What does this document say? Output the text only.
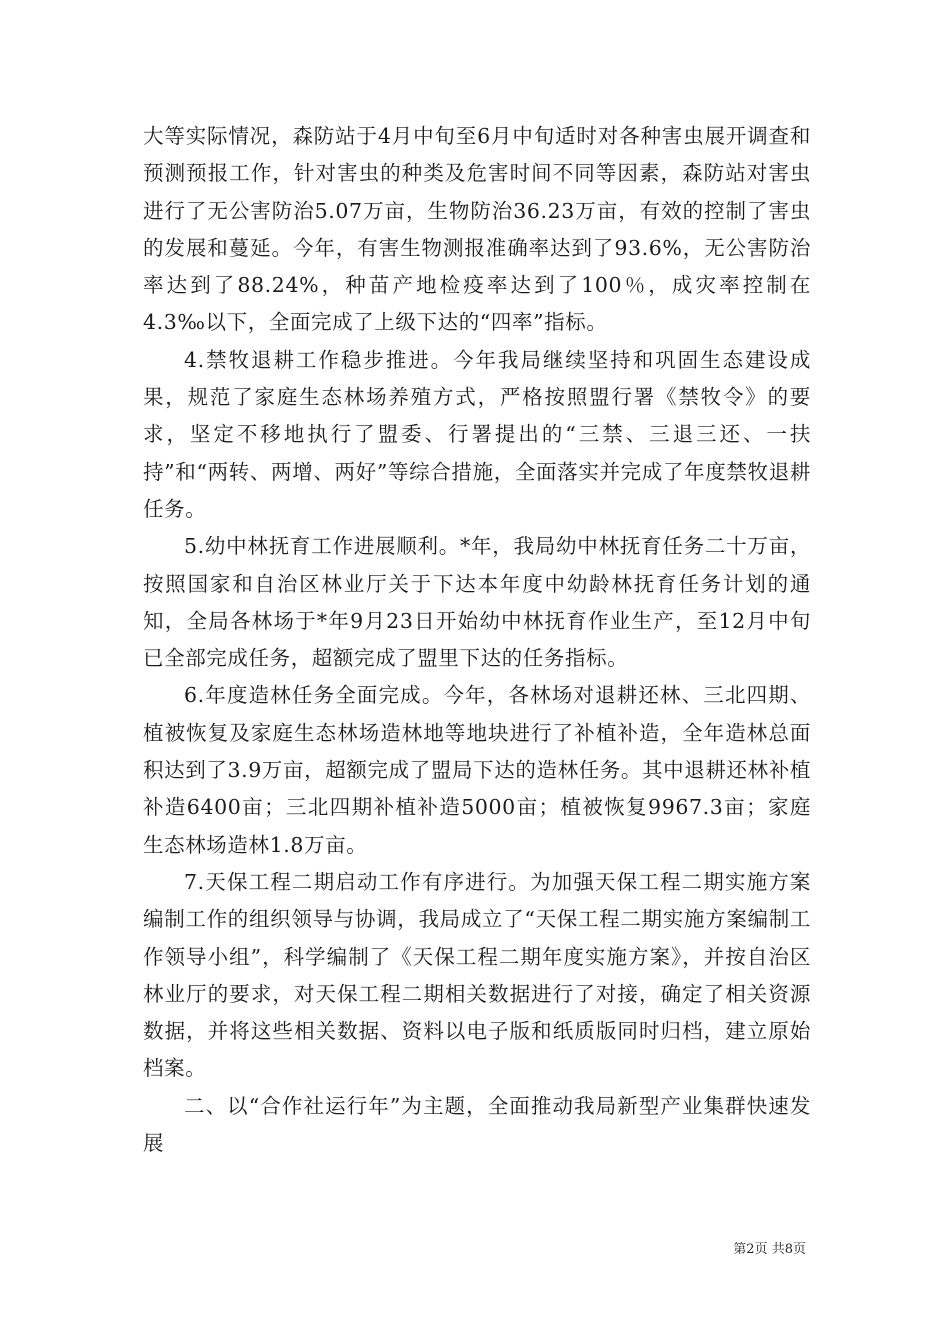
大等实际情况，森防站于4月中旬至6月中旬适时对各种害虫展开调查和预测预报工作，针对害虫的种类及危害时间不同等因素，森防站对害虫进行了无公害防治5.07万亩，生物防治36.23万亩，有效的控制了害虫的发展和蔓延。今年，有害生物测报准确率达到了93.6%，无公害防治率达到了88.24%，种苗产地检疫率达到了100％，成灾率控制在4.3‰以下，全面完成了上级下达的“四率”指标。

4.禁牧退耕工作稳步推进。今年我局继续坚持和巩固生态建设成果，规范了家庭生态林场养殖方式，严格按照盟行署《禁牧令》的要求，坚定不移地执行了盟委、行署提出的“三禁、三退三还、一扶持”和“两转、两增、两好”等综合措施，全面落实并完成了年度禁牧退耕任务。

5.幼中林抚育工作进展顺利。*年，我局幼中林抚育任务二十万亩，按照国家和自治区林业厅关于下达本年度中幼龄林抚育任务计划的通知，全局各林场于*年9月23日开始幼中林抚育作业生产，至12月中旬已全部完成任务，超额完成了盟里下达的任务指标。

6.年度造林任务全面完成。今年，各林场对退耕还林、三北四期、植被恢复及家庭生态林场造林地等地块进行了补植补造，全年造林总面积达到了3.9万亩，超额完成了盟局下达的造林任务。其中退耕还林补植补造6400亩；三北四期补植补造5000亩；植被恢复9967.3亩；家庭生态林场造林1.8万亩。

7.天保工程二期启动工作有序进行。为加强天保工程二期实施方案编制工作的组织领导与协调，我局成立了“天保工程二期实施方案编制工作领导小组”，科学编制了《天保工程二期年度实施方案》，并按自治区林业厅的要求，对天保工程二期相关数据进行了对接，确定了相关资源数据，并将这些相关数据、资料以电子版和纸质版同时归档，建立原始档案。

二、以“合作社运行年”为主题，全面推动我局新型产业集群快速发展

第2页 共8页
